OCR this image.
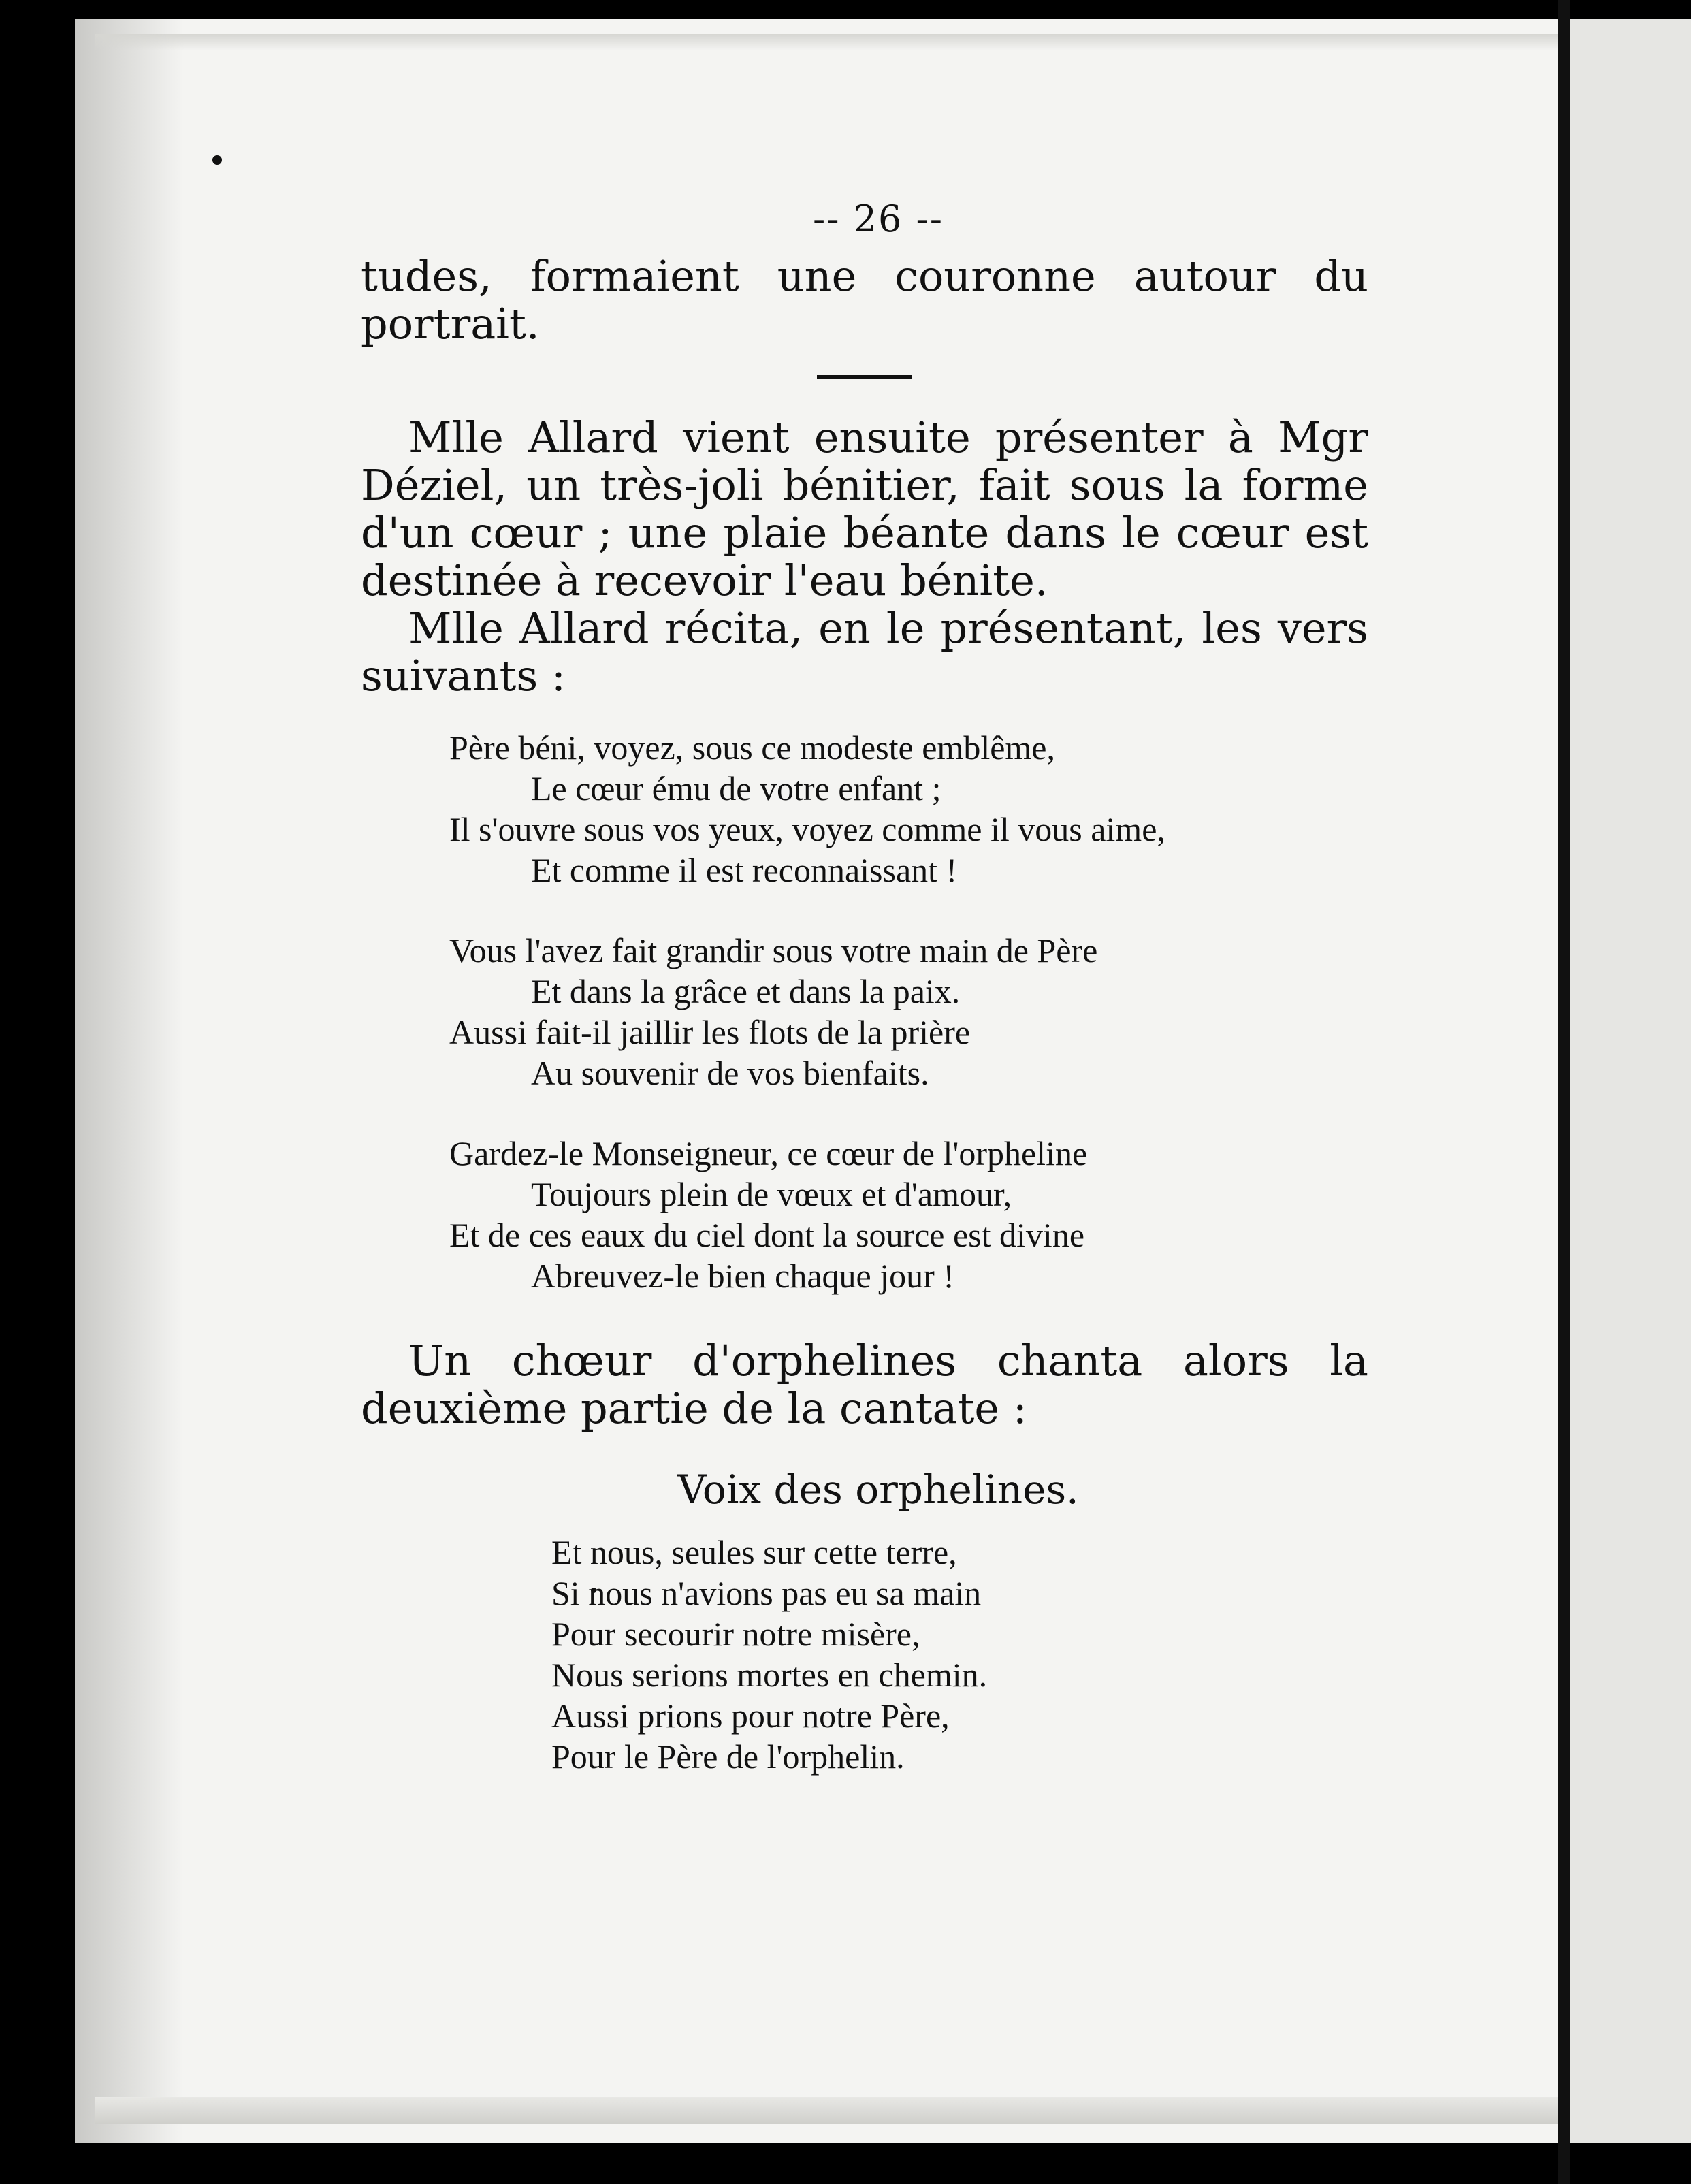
-- 26 --

tudes, formaient une couronne autour du portrait.

Mlle Allard vient ensuite présenter à Mgr Déziel, un très-joli bénitier, fait sous la forme d'un cœur ; une plaie béante dans le cœur est destinée à recevoir l'eau bénite.

Mlle Allard récita, en le présentant, les vers suivants :

Père béni, voyez, sous ce modeste emblême,
Le cœur ému de votre enfant ;
Il s'ouvre sous vos yeux, voyez comme il vous aime,
Et comme il est reconnaissant !
Vous l'avez fait grandir sous votre main de Père
Et dans la grâce et dans la paix.
Aussi fait-il jaillir les flots de la prière
Au souvenir de vos bienfaits.
Gardez-le Monseigneur, ce cœur de l'orpheline
Toujours plein de vœux et d'amour,
Et de ces eaux du ciel dont la source est divine
Abreuvez-le bien chaque jour !

Un chœur d'orphelines chanta alors la deuxième partie de la cantate :

Voix des orphelines.
Et nous, seules sur cette terre,
Si nous n'avions pas eu sa main
Pour secourir notre misère,
Nous serions mortes en chemin.
Aussi prions pour notre Père,
Pour le Père de l'orphelin.
